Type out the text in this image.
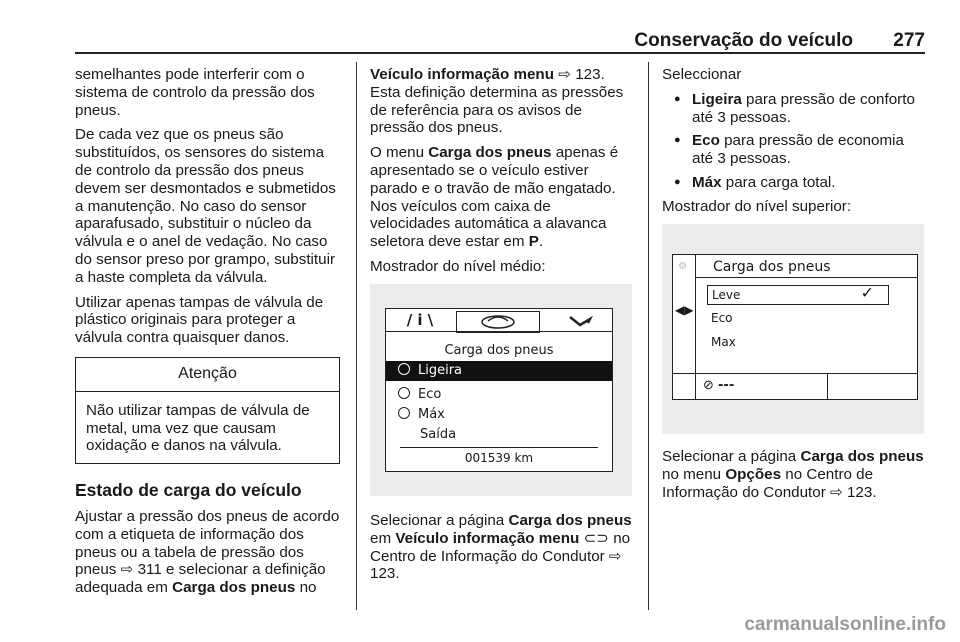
Conservação do veículo 277

semelhantes pode interferir com o sistema de controlo da pressão dos pneus.

De cada vez que os pneus são substituídos, os sensores do sistema de controlo da pressão dos pneus devem ser desmontados e submetidos a manutenção. No caso do sensor aparafusado, substituir o núcleo da válvula e o anel de vedação. No caso do sensor preso por grampo, substituir a haste completa da válvula.

Utilizar apenas tampas de válvula de plástico originais para proteger a válvula contra quaisquer danos.

Atenção
Não utilizar tampas de válvula de metal, uma vez que causam oxidação e danos na válvula.
Estado de carga do veículo

Ajustar a pressão dos pneus de acordo com a etiqueta de informação dos pneus ou a tabela de pressão dos pneus ⇨ 311 e selecionar a definição adequada em Carga dos pneus no

Veículo informação menu ⇨ 123. Esta definição determina as pressões de referência para os avisos de pressão dos pneus.

O menu Carga dos pneus apenas é apresentado se o veículo estiver parado e o travão de mão engatado. Nos veículos com caixa de velocidades automática a alavanca seletora deve estar em P.

Mostrador do nível médio:

/ i \
Carga dos pneus
Ligeira
Eco
Máx
Saída
001539 km

Selecionar a página Carga dos pneus em Veículo informação menu ⊂⊃ no Centro de Informação do Condutor ⇨ 123.

Seleccionar

● Ligeira para pressão de conforto até 3 pessoas.
● Eco para pressão de economia até 3 pessoas.
● Máx para carga total.

Mostrador do nível superior:

⚙
◀▶
Carga dos pneus
Leve	✓
Eco
Max
⊘ ---

Selecionar a página Carga dos pneus no menu Opções no Centro de Informação do Condutor ⇨ 123.

carmanualsonline.info
